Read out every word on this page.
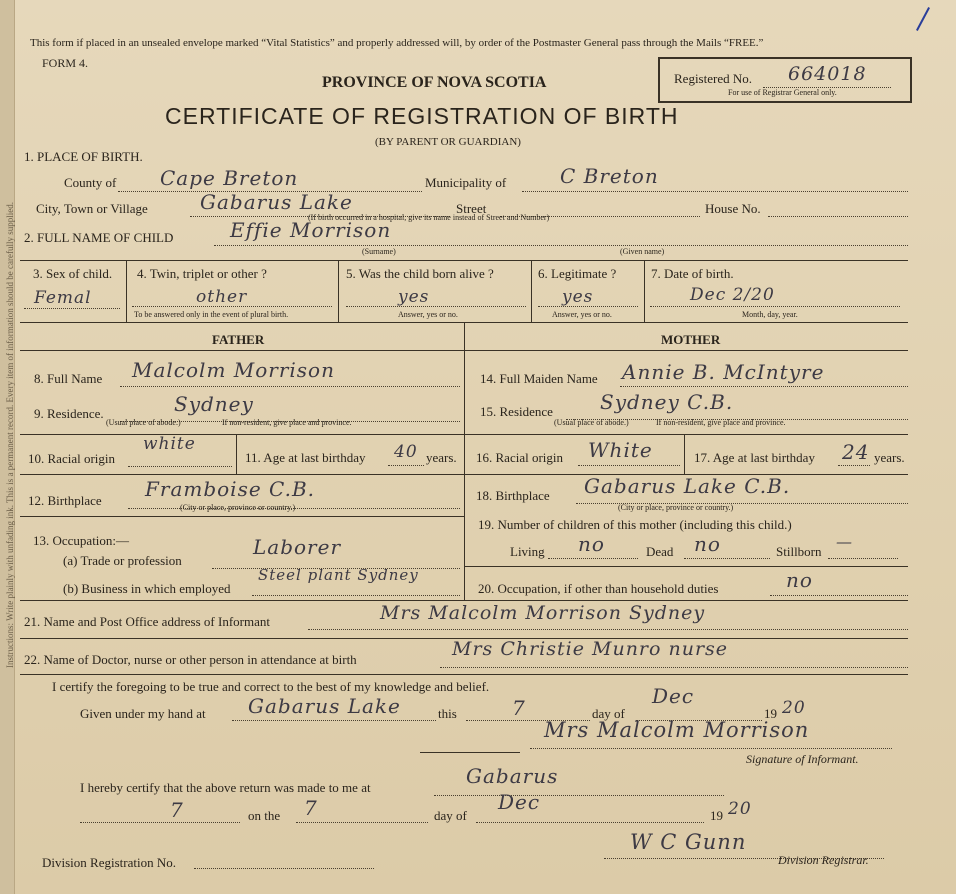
Instructions: Write plainly with unfading ink. This is a permanent record. Every item of information should be carefully supplied.
This form if placed in an unsealed envelope marked “Vital Statistics” and properly addressed will, by order of the Postmaster General pass through the Mails “FREE.”
FORM 4.
PROVINCE OF NOVA SCOTIA
CERTIFICATE OF REGISTRATION OF BIRTH
(BY PARENT OR GUARDIAN)
Registered No. 664018
For use of Registrar General only.
1. PLACE OF BIRTH.
County of Cape Breton	Municipality of	C Breton
City, Town or Village	Gabarus Lake	Street	House No.
(If birth occurred in a hospital, give its name instead of Street and Number)
2. FULL NAME OF CHILD	Effie Morrison
(Surname)	(Given name)
3. Sex of child.
Femal
4. Twin, triplet or other ?
other
To be answered only in the event of plural birth.
5. Was the child born alive ?
yes
Answer, yes or no.
6. Legitimate ?
yes
Answer, yes or no.
7. Date of birth.
Dec 2/20
Month, day, year.
FATHER	MOTHER
8. Full Name Malcolm Morrison
9. Residence.	Sydney
(Usual place of abode.)	If non-resident, give place and province.
10. Racial origin
white
11. Age at last birthday 40 years.
12. Birthplace Framboise C.B.
(City or place, province or country.)
13. Occupation:—
(a) Trade or profession
Laborer
(b) Business in which employed
Steel plant Sydney
14. Full Maiden Name Annie B. McIntyre
15. Residence Sydney C.B.
(Usual place of abode.)	If non-resident, give place and province.
16. Racial origin White	17. Age at last birthday 24 years.
18. Birthplace Gabarus Lake C.B.
(City or place, province or country.)
19. Number of children of this mother (including this child.)
Living no	Dead no	Stillborn
—
20. Occupation, if other than household duties	no
21. Name and Post Office address of Informant	Mrs Malcolm Morrison Sydney
22. Name of Doctor, nurse or other person in attendance at birth	Mrs Christie Munro nurse
I certify the foregoing to be true and correct to the best of my knowledge and belief.
Given under my hand at Gabarus Lake	this	7	day of
Dec
19 20
Mrs Malcolm Morrison
Signature of Informant.
I hereby certify that the above return was made to me at	Gabarus
7	on the 7	day of
Dec
19 20
Division Registration No.
W C Gunn
Division Registrar.
